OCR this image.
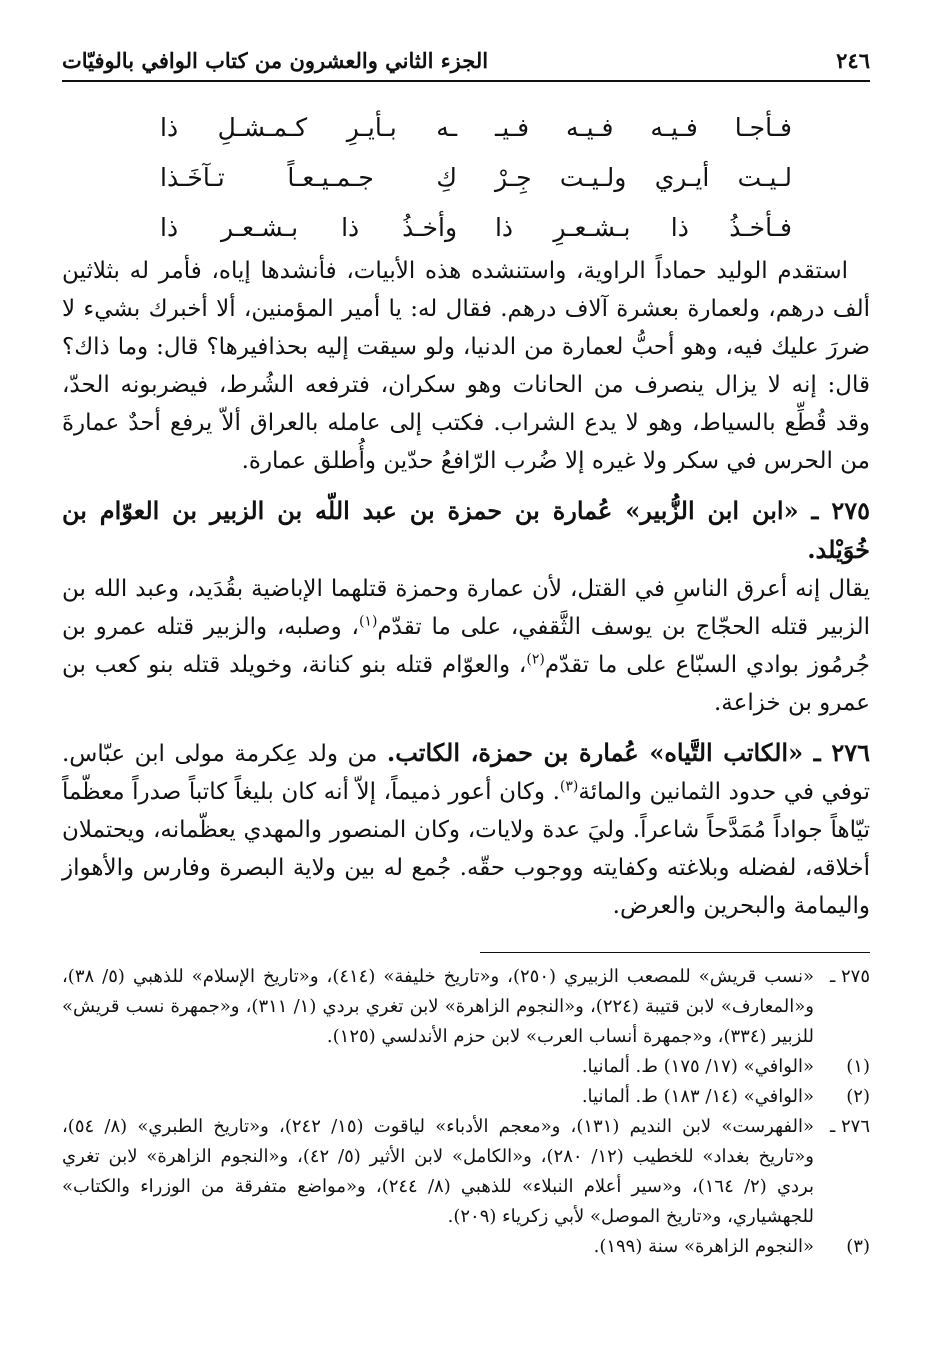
٢٤٦
الجزء الثاني والعشرون من كتاب الوافي بالوفيّات
فـأجـا فـيـه فـيـه فـيـ
ـه بـأيـرِ كـمـشـلِ ذا
لـيـت أيـري ولـيـت جِـرْ
كِ جـمـيـعـاً تـآخَـذا
فـأخـذُ ذا بـشـعـرِ ذا
وأخـذُ ذا بـشـعـر ذا

استقدم الوليد حماداً الراوية، واستنشده هذه الأبيات، فأنشدها إياه، فأمر له بثلاثين ألف درهم، ولعمارة بعشرة آلاف درهم. فقال له: يا أمير المؤمنين، ألا أخبرك بشيء لا ضررَ عليك فيه، وهو أحبُّ لعمارة من الدنيا، ولو سيقت إليه بحذافيرها؟ قال: وما ذاك؟ قال: إنه لا يزال ينصرف من الحانات وهو سكران، فترفعه الشُرط، فيضربونه الحدّ، وقد قُطِّع بالسياط، وهو لا يدع الشراب. فكتب إلى عامله بالعراق ألاّ يرفع أحدٌ عمارةَ من الحرس في سكر ولا غيره إلا ضُرب الرّافعُ حدّين وأُطلق عمارة.

٢٧٥ ـ «ابن ابن الزُّبير» عُمارة بن حمزة بن عبد اللّه بن الزبير بن العوّام بن خُوَيْلد.

يقال إنه أعرق الناسِ في القتل، لأن عمارة وحمزة قتلهما الإباضية بقُدَيد، وعبد الله بن الزبير قتله الحجّاج بن يوسف الثَّقفي، على ما تقدّم$^{(١)}$، وصلبه، والزبير قتله عمرو بن جُرمُوز بوادي السبّاع على ما تقدّم$^{(٢)}$، والعوّام قتله بنو كنانة، وخويلد قتله بنو كعب بن عمرو بن خزاعة.

٢٧٦ ـ «الكاتب التَّياه» عُمارة بن حمزة، الكاتب. من ولد عِكرمة مولى ابن عبّاس. توفي في حدود الثمانين والمائة$^{(٣)}$. وكان أعور ذميماً، إلاّ أنه كان بليغاً كاتباً صدراً معظّماً تيّاهاً جواداً مُمَدَّحاً شاعراً. وليَ عدة ولايات، وكان المنصور والمهدي يعظّمانه، ويحتملان أخلاقه، لفضله وبلاغته وكفايته ووجوب حقّه. جُمع له بين ولاية البصرة وفارس والأهواز واليمامة والبحرين والعرض.

٢٧٥ ـ
«نسب قريش» للمصعب الزبيري (٢٥٠)، و«تاريخ خليفة» (٤١٤)، و«تاريخ الإسلام» للذهبي (٥/ ٣٨)، و«المعارف» لابن قتيبة (٢٢٤)، و«النجوم الزاهرة» لابن تغري بردي (١/ ٣١١)، و«جمهرة نسب قريش» للزبير (٣٣٤)، و«جمهرة أنساب العرب» لابن حزم الأندلسي (١٢٥).
(١)
«الوافي» (١٧/ ١٧٥) ط. ألمانيا.
(٢)
«الوافي» (١٤/ ١٨٣) ط. ألمانيا.
٢٧٦ ـ
«الفهرست» لابن النديم (١٣١)، و«معجم الأدباء» لياقوت (١٥/ ٢٤٢)، و«تاريخ الطبري» (٨/ ٥٤)، و«تاريخ بغداد» للخطيب (١٢/ ٢٨٠)، و«الكامل» لابن الأثير (٥/ ٤٢)، و«النجوم الزاهرة» لابن تغري بردي (٢/ ١٦٤)، و«سير أعلام النبلاء» للذهبي (٨/ ٢٤٤)، و«مواضع متفرقة من الوزراء والكتاب» للجهشياري، و«تاريخ الموصل» لأبي زكرياء (٢٠٩).
(٣)
«النجوم الزاهرة» سنة (١٩٩).
